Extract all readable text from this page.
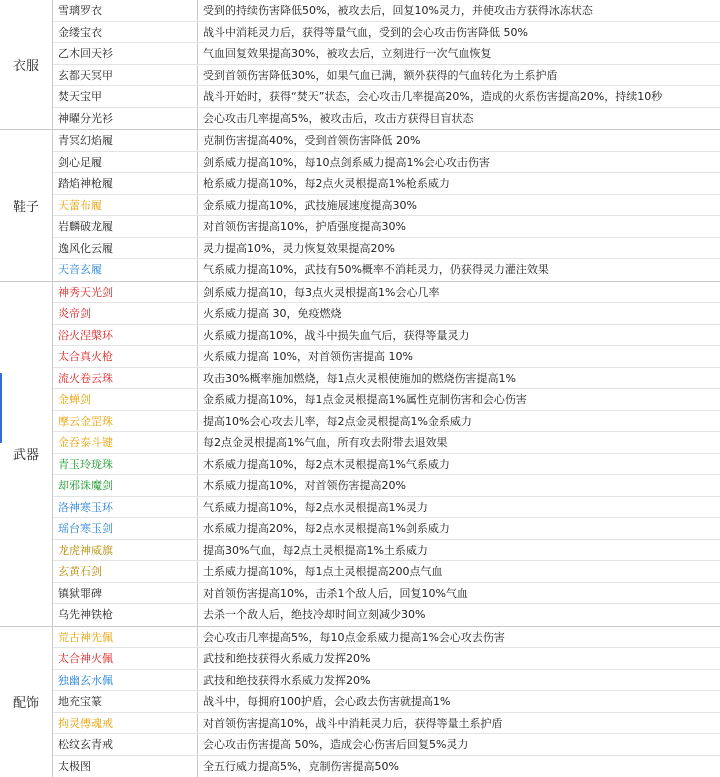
衣服
雪璃罗衣	受到的持续伤害降低50%，被攻去后，回复10%灵力，并使攻击方获得冰冻状态
金缕宝衣	战斗中消耗灵力后，获得等量气血，受到的会心攻击伤害降低 50%
乙木回天衫	气血回复效果提高30%，被攻去后，立刻进行一次气血恢复
玄都天冥甲	受到首领伤害降低30%，如果气血已满，额外获得的气血转化为土系护盾
焚天宝甲	战斗开始时，获得“焚天”状态，会心攻击几率提高20%，造成的火系伤害提高20%，持续10秒
神曜分光衫	会心攻击几率提高5%，被攻击后，攻击方获得目盲状态
鞋子
青冥幻焰履	克制伤害提高40%，受到首领伤害降低 20%
剑心足履	剑系威力提高10%，每10点剑系威力提高1%会心攻击伤害
踏焰神枪履	枪系威力提高10%，每2点火灵根提高1%枪系威力
天蕾布履	金系威力提高10%，武技施展速度提高30%
岩麟破龙履	对首领伤害提高10%，护盾强度提高30%
逸风化云履	灵力提高10%，灵力恢复效果提高20%
天音玄履	气系威力提高10%，武技有50%概率不消耗灵力，仍获得灵力灌注效果
武器
神秀天光剑	剑系威力提高10，每3点火灵根提高1%会心几率
炎帝剑	火系威力提高 30，免疫燃烧
浴火涅槃环	火系威力提高10%，战斗中损失血气后，获得等量灵力
太合真火枪	火系威力提高 10%，对首领伤害提高 10%
流火卷云珠	攻击30%概率施加燃烧，每1点火灵根使施加的燃烧伤害提高1%
金蝉剑	金系威力提高10%，每1点金灵根提高1%属性克制伤害和会心伤害
摩云金罡珠	提高10%会心攻去儿率，每2点金灵根提高1%金系威力
金吞泰斗键	每2点金灵根提高1%气血，所有攻去附带去退效果
青玉玲珑珠	木系威力提高10%，每2点木灵根提高1%气系威力
却邪诛魔剑	木系威力提高10%，对首领伤害提高20%
洛神寒玉环	气系威力提高10%，每2点水灵根提高1%灵力
瑶台寒玉剑	水系威力提高20%，每2点水灵根提高1%剑系威力
龙虎神威旗	提高30%气血，每2点土灵根提高1%土系威力
玄黄石剑	土系威力提高10%，每1点土灵根提高200点气血
镇狱罪碑	对首领伤害提高10%，击杀1个敌人后，回复10%气血
乌先神铁枪	去杀一个敌人后，绝技冷却时间立刻减少30%
配饰
荒古神先佩	会心攻击几率提高5%，每10点金系威力提高1%会心攻去伤害
太合神火佩	武技和绝技获得火系威力发挥20%
独幽玄水佩	武技和绝技获得水系威力发挥20%
地充宝篆	战斗中，每拥府100护盾，会心政去伤害就提高1%
拘灵傅魂戒	对首领伤害提高10%，战斗中消耗灵力后，获得等量土系护盾
松纹玄青戒	会心攻击伤害提高 50%，造成会心伤害后回复5%灵力
太极图	全五行威力提高5%，克制伤害提高50%
